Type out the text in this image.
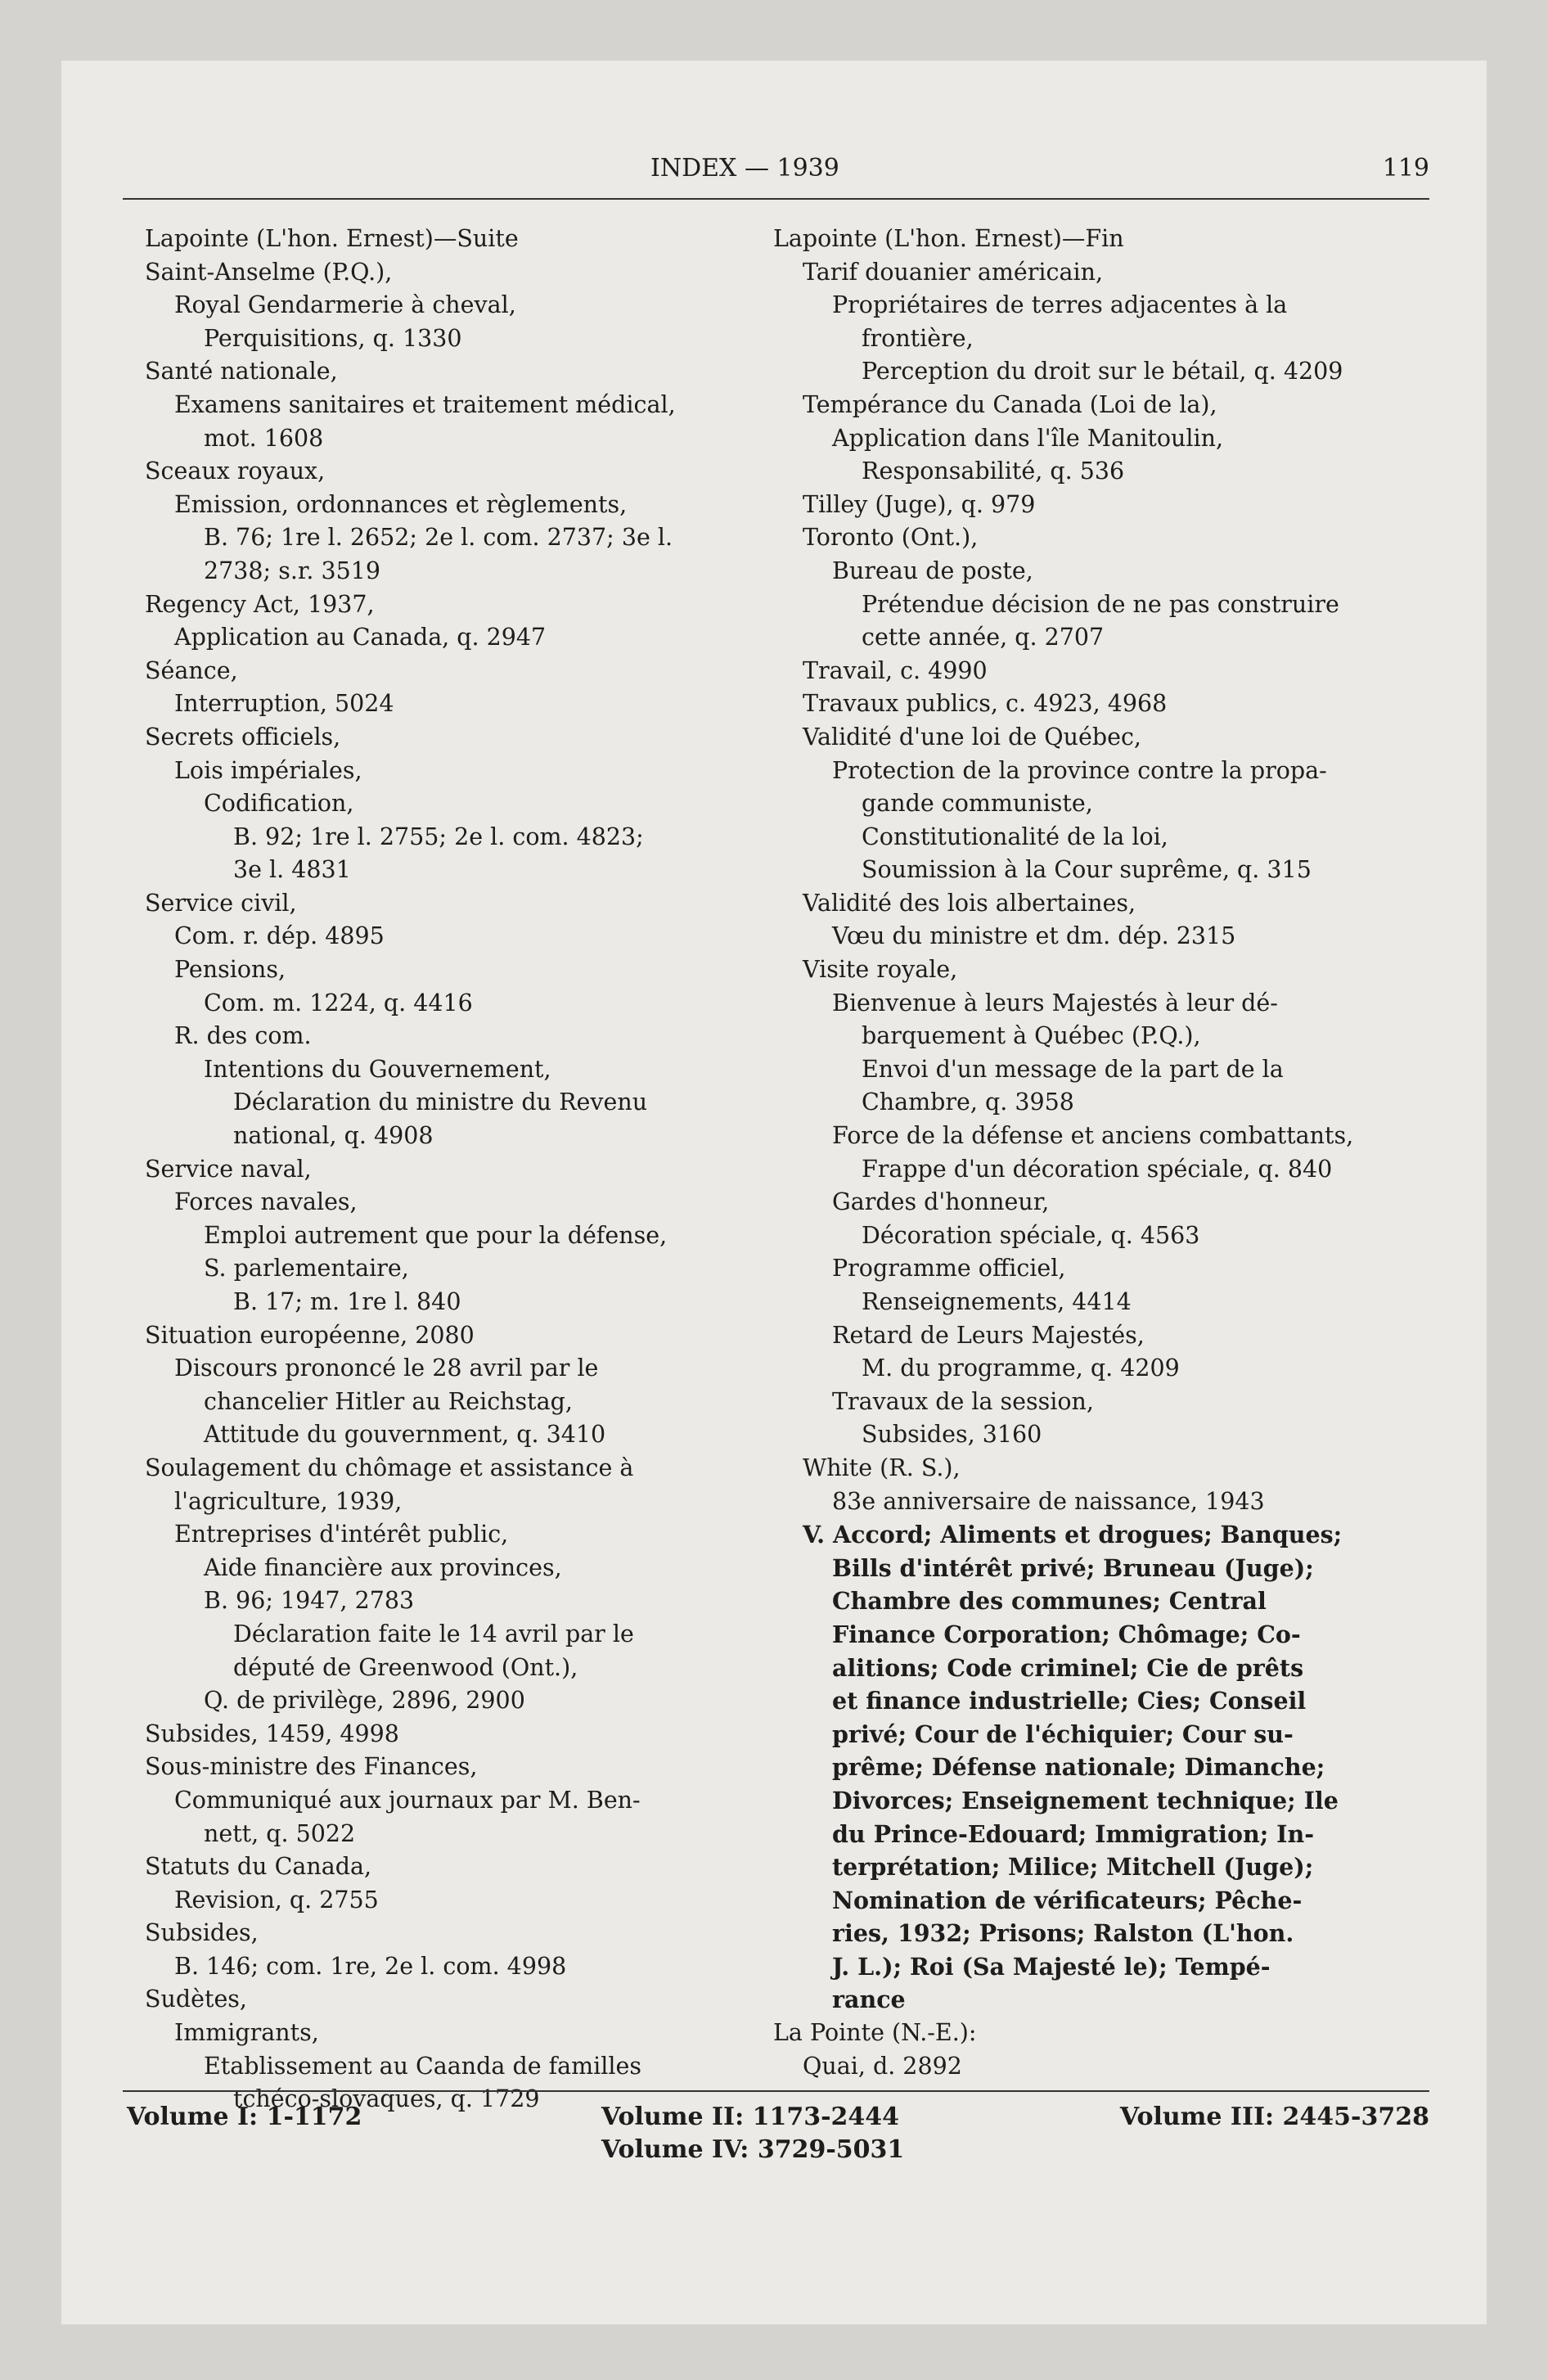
INDEX — 1939	119
Lapointe (L'hon. Ernest)—Suite
Saint-Anselme (P.Q.),
Royal Gendarmerie à cheval,
Perquisitions, q. 1330
Santé nationale,
Examens sanitaires et traitement médical,
mot. 1608
Sceaux royaux,
Emission, ordonnances et règlements,
B. 76; 1re l. 2652; 2e l. com. 2737; 3e l.
2738; s.r. 3519
Regency Act, 1937,
Application au Canada, q. 2947
Séance,
Interruption, 5024
Secrets officiels,
Lois impériales,
Codification,
B. 92; 1re l. 2755; 2e l. com. 4823;
3e l. 4831
Service civil,
Com. r. dép. 4895
Pensions,
Com. m. 1224, q. 4416
R. des com.
Intentions du Gouvernement,
Déclaration du ministre du Revenu
national, q. 4908
Service naval,
Forces navales,
Emploi autrement que pour la défense,
S. parlementaire,
B. 17; m. 1re l. 840
Situation européenne, 2080
Discours prononcé le 28 avril par le
chancelier Hitler au Reichstag,
Attitude du gouvernment, q. 3410
Soulagement du chômage et assistance à
l'agriculture, 1939,
Entreprises d'intérêt public,
Aide financière aux provinces,
B. 96; 1947, 2783
Déclaration faite le 14 avril par le
député de Greenwood (Ont.),
Q. de privilège, 2896, 2900
Subsides, 1459, 4998
Sous-ministre des Finances,
Communiqué aux journaux par M. Ben-
nett, q. 5022
Statuts du Canada,
Revision, q. 2755
Subsides,
B. 146; com. 1re, 2e l. com. 4998
Sudètes,
Immigrants,
Etablissement au Caanda de familles
tchéco-slovaques, q. 1729
Lapointe (L'hon. Ernest)—Fin
Tarif douanier américain,
Propriétaires de terres adjacentes à la
frontière,
Perception du droit sur le bétail, q. 4209
Tempérance du Canada (Loi de la),
Application dans l'île Manitoulin,
Responsabilité, q. 536
Tilley (Juge), q. 979
Toronto (Ont.),
Bureau de poste,
Prétendue décision de ne pas construire
cette année, q. 2707
Travail, c. 4990
Travaux publics, c. 4923, 4968
Validité d'une loi de Québec,
Protection de la province contre la propa-
gande communiste,
Constitutionalité de la loi,
Soumission à la Cour suprême, q. 315
Validité des lois albertaines,
Vœu du ministre et dm. dép. 2315
Visite royale,
Bienvenue à leurs Majestés à leur dé-
barquement à Québec (P.Q.),
Envoi d'un message de la part de la
Chambre, q. 3958
Force de la défense et anciens combattants,
Frappe d'un décoration spéciale, q. 840
Gardes d'honneur,
Décoration spéciale, q. 4563
Programme officiel,
Renseignements, 4414
Retard de Leurs Majestés,
M. du programme, q. 4209
Travaux de la session,
Subsides, 3160
White (R. S.),
83e anniversaire de naissance, 1943
V. Accord; Aliments et drogues; Banques;
Bills d'intérêt privé; Bruneau (Juge);
Chambre des communes; Central
Finance Corporation; Chômage; Co-
alitions; Code criminel; Cie de prêts
et finance industrielle; Cies; Conseil
privé; Cour de l'échiquier; Cour su-
prême; Défense nationale; Dimanche;
Divorces; Enseignement technique; Ile
du Prince-Edouard; Immigration; In-
terprétation; Milice; Mitchell (Juge);
Nomination de vérificateurs; Pêche-
ries, 1932; Prisons; Ralston (L'hon.
J. L.); Roi (Sa Majesté le); Tempé-
rance
La Pointe (N.-E.):
Quai, d. 2892
Volume I: 1-1172	Volume II: 1173-2444
Volume IV: 3729-5031
Volume III: 2445-3728
